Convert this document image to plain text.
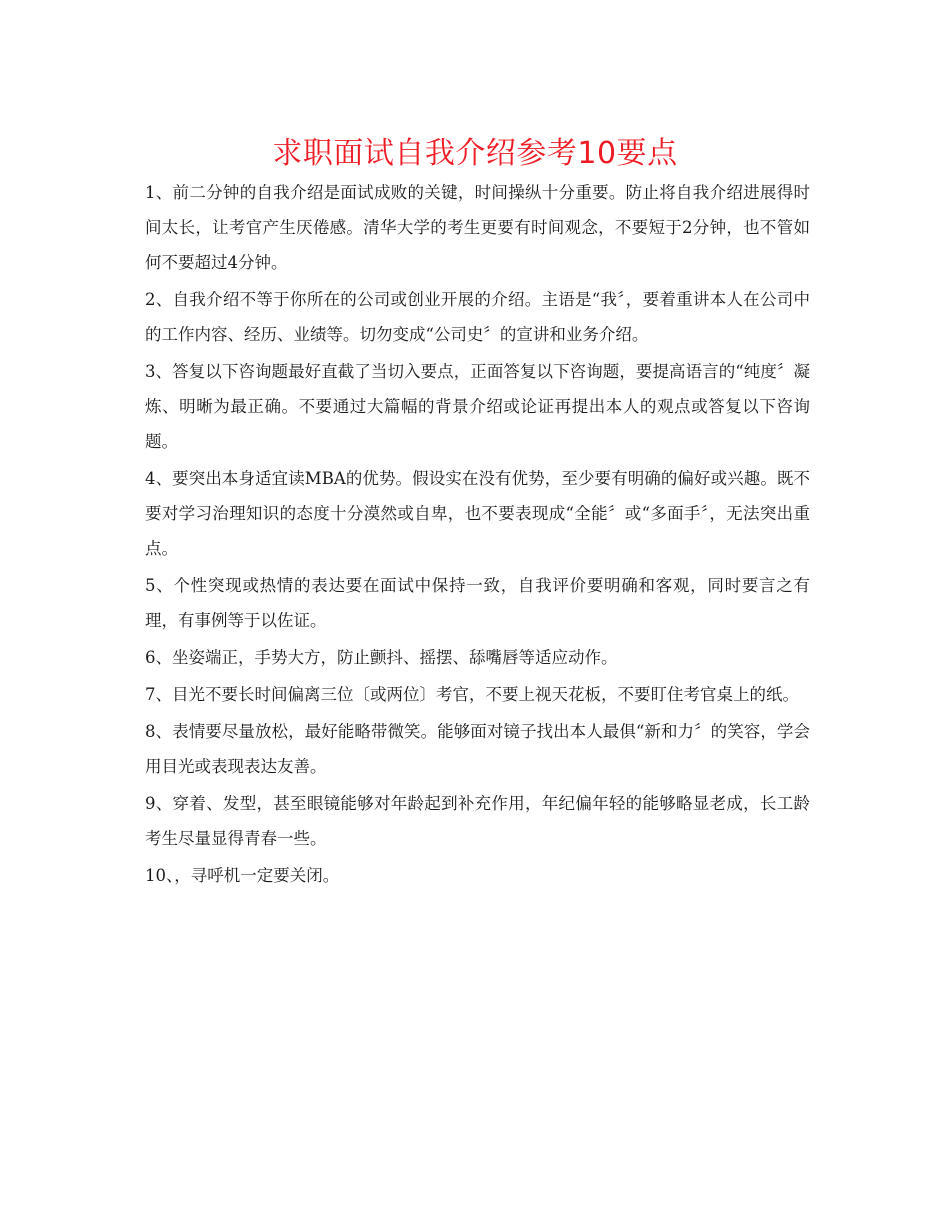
求职面试自我介绍参考10要点

1、前二分钟的自我介绍是面试成败的关键，时间操纵十分重要。防止将自我介绍进展得时间太长，让考官产生厌倦感。清华大学的考生更要有时间观念，不要短于2分钟，也不管如何不要超过4分钟。

2、自我介绍不等于你所在的公司或创业开展的介绍。主语是“我〞，要着重讲本人在公司中的工作内容、经历、业绩等。切勿变成“公司史〞的宣讲和业务介绍。

3、答复以下咨询题最好直截了当切入要点，正面答复以下咨询题，要提高语言的“纯度〞凝炼、明晰为最正确。不要通过大篇幅的背景介绍或论证再提出本人的观点或答复以下咨询题。

4、要突出本身适宜读MBA的优势。假设实在没有优势，至少要有明确的偏好或兴趣。既不要对学习治理知识的态度十分漠然或自卑，也不要表现成“全能〞或“多面手〞，无法突出重点。

5、个性突现或热情的表达要在面试中保持一致，自我评价要明确和客观，同时要言之有理，有事例等于以佐证。

6、坐姿端正，手势大方，防止颤抖、摇摆、舔嘴唇等适应动作。

7、目光不要长时间偏离三位〔或两位〕考官，不要上视天花板，不要盯住考官桌上的纸。

8、表情要尽量放松，最好能略带微笑。能够面对镜子找出本人最俱“新和力〞的笑容，学会用目光或表现表达友善。

9、穿着、发型，甚至眼镜能够对年龄起到补充作用，年纪偏年轻的能够略显老成，长工龄考生尽量显得青春一些。

10、，寻呼机一定要关闭。
